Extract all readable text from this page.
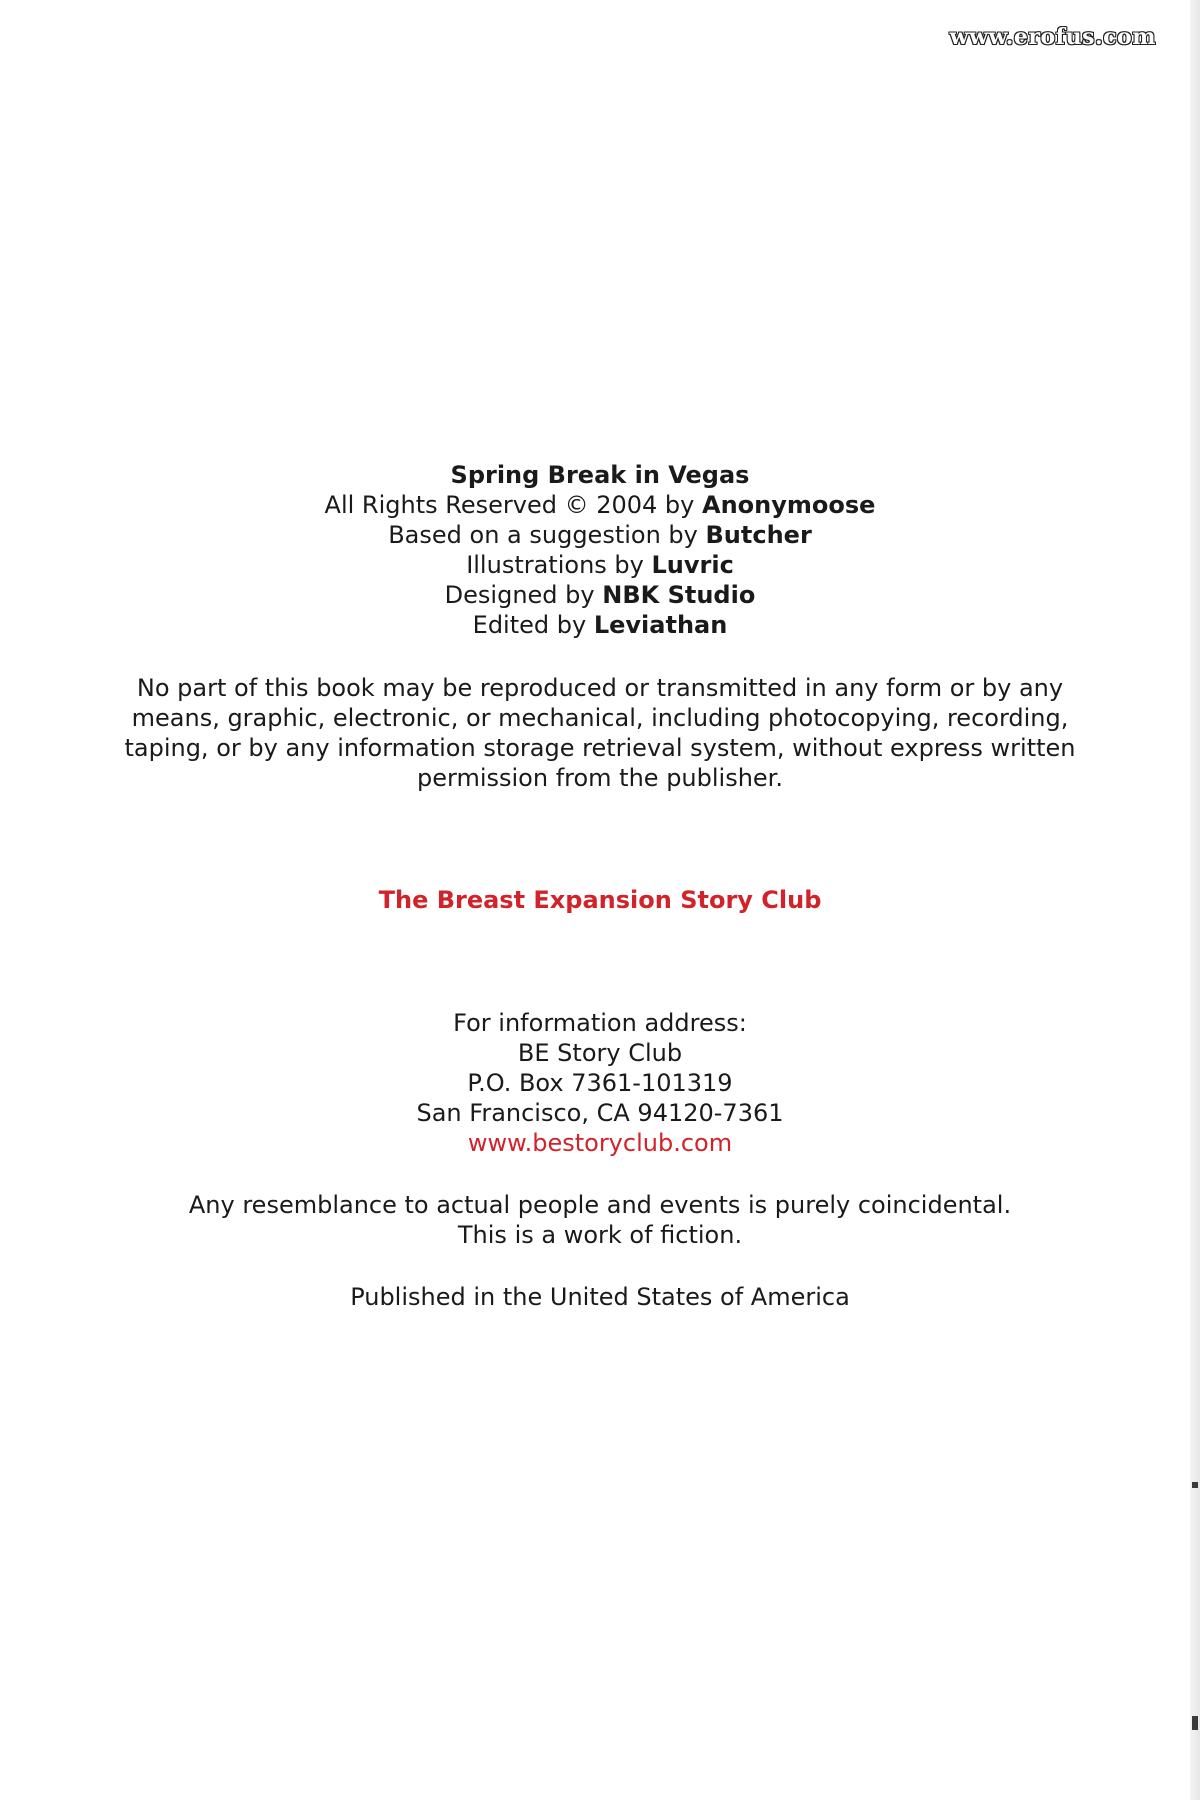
www.erofus.com

Spring Break in Vegas

All Rights Reserved © 2004 by Anonymoose

Based on a suggestion by Butcher

Illustrations by Luvric

Designed by NBK Studio

Edited by Leviathan

No part of this book may be reproduced or transmitted in any form or by any

means, graphic, electronic, or mechanical, including photocopying, recording,

taping, or by any information storage retrieval system, without express written

permission from the publisher.

The Breast Expansion Story Club

For information address:

BE Story Club

P.O. Box 7361-101319

San Francisco, CA 94120-7361

www.bestoryclub.com

Any resemblance to actual people and events is purely coincidental.

This is a work of fiction.

Published in the United States of America
